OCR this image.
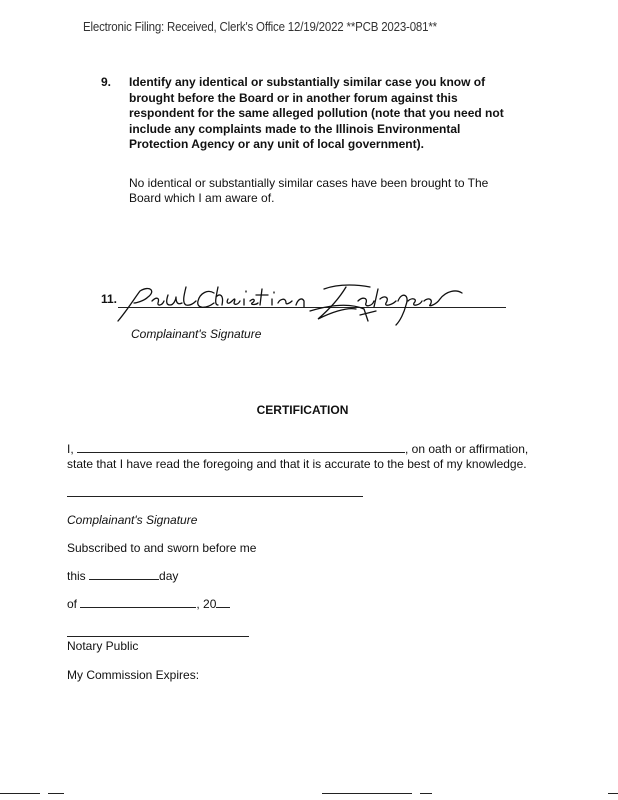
Electronic Filing: Received, Clerk's Office 12/19/2022 **PCB 2023-081**
9. Identify any identical or substantially similar case you know of brought before the Board or in another forum against this respondent for the same alleged pollution (note that you need not include any complaints made to the Illinois Environmental Protection Agency or any unit of local government).
No identical or substantially similar cases have been brought to The Board which I am aware of.
11.
Complainant's Signature
CERTIFICATION
I,	, on oath or affirmation,
state that I have read the foregoing and that it is accurate to the best of my knowledge.
Complainant's Signature
Subscribed to and sworn before me
this	day
of	, 20
Notary Public
My Commission Expires:
